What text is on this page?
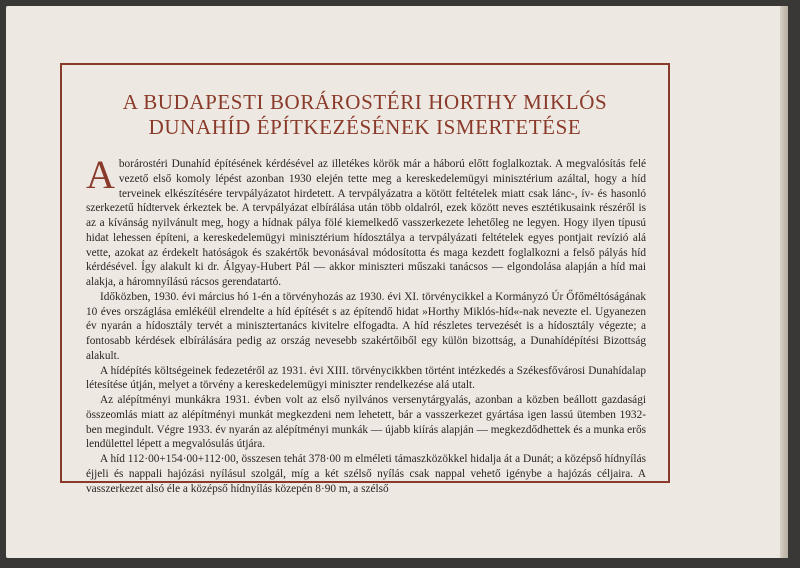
A BUDAPESTI BORÁROSTÉRI HORTHY MIKLÓS
DUNAHÍD ÉPÍTKEZÉSÉNEK ISMERTETÉSE

A borárostéri Dunahíd építésének kérdésével az illetékes körök már a háború előtt foglalkoztak. A megvalósítás felé vezető első komoly lépést azonban 1930 elején tette meg a kereskedelemügyi minisztérium azáltal, hogy a híd terveinek elkészítésére tervpályázatot hirdetett. A tervpályázatra a kötött feltételek miatt csak lánc-, ív- és hasonló szerkezetű hídtervek érkeztek be. A tervpályázat elbírálása után több oldalról, ezek között neves esztétikusaink részéről is az a kívánság nyilvánult meg, hogy a hídnak pálya fölé kiemelkedő vasszerkezete lehetőleg ne legyen. Hogy ilyen típusú hidat lehessen építeni, a kereskedelemügyi minisztérium hídosztálya a tervpályázati feltételek egyes pontjait revízió alá vette, azokat az érdekelt hatóságok és szakértők bevonásával módosította és maga kezdett foglalkozni a felső pályás híd kérdésével. Így alakult ki dr. Álgyay-Hubert Pál — akkor miniszteri műszaki tanácsos — elgondolása alapján a híd mai alakja, a háromnyílású rácsos gerendatartó.

Időközben, 1930. évi március hó 1-én a törvényhozás az 1930. évi XI. törvénycikkel a Kormányzó Úr Őfőméltóságának 10 éves országlása emlékéül elrendelte a híd építését s az építendő hidat »Horthy Miklós-híd«-nak nevezte el. Ugyanezen év nyarán a hídosztály tervét a minisztertanács kivitelre elfogadta. A híd részletes tervezését is a hídosztály végezte; a fontosabb kérdések elbírálására pedig az ország nevesebb szakértőiből egy külön bizottság, a Dunahídépítési Bizottság alakult.

A hídépítés költségeinek fedezetéről az 1931. évi XIII. törvénycikkben történt intézkedés a Székesfővárosi Dunahídalap létesítése útján, melyet a törvény a kereskedelemügyi miniszter rendelkezése alá utalt.

Az alépítményi munkákra 1931. évben volt az első nyilvános versenytárgyalás, azonban a közben beállott gazdasági összeomlás miatt az alépítményi munkát megkezdeni nem lehetett, bár a vasszerkezet gyártása igen lassú ütemben 1932-ben megindult. Végre 1933. év nyarán az alépítményi munkák — újabb kiírás alapján — megkezdődhettek és a munka erős lendülettel lépett a megvalósulás útjára.

A híd 112·00+154·00+112·00, összesen tehát 378·00 m elméleti támaszközökkel hidalja át a Dunát; a középső hídnyílás éjjeli és nappali hajózási nyílásul szolgál, míg a két szélső nyílás csak nappal vehető igénybe a hajózás céljaira. A vasszerkezet alsó éle a középső hídnyílás közepén 8·90 m, a szélső
